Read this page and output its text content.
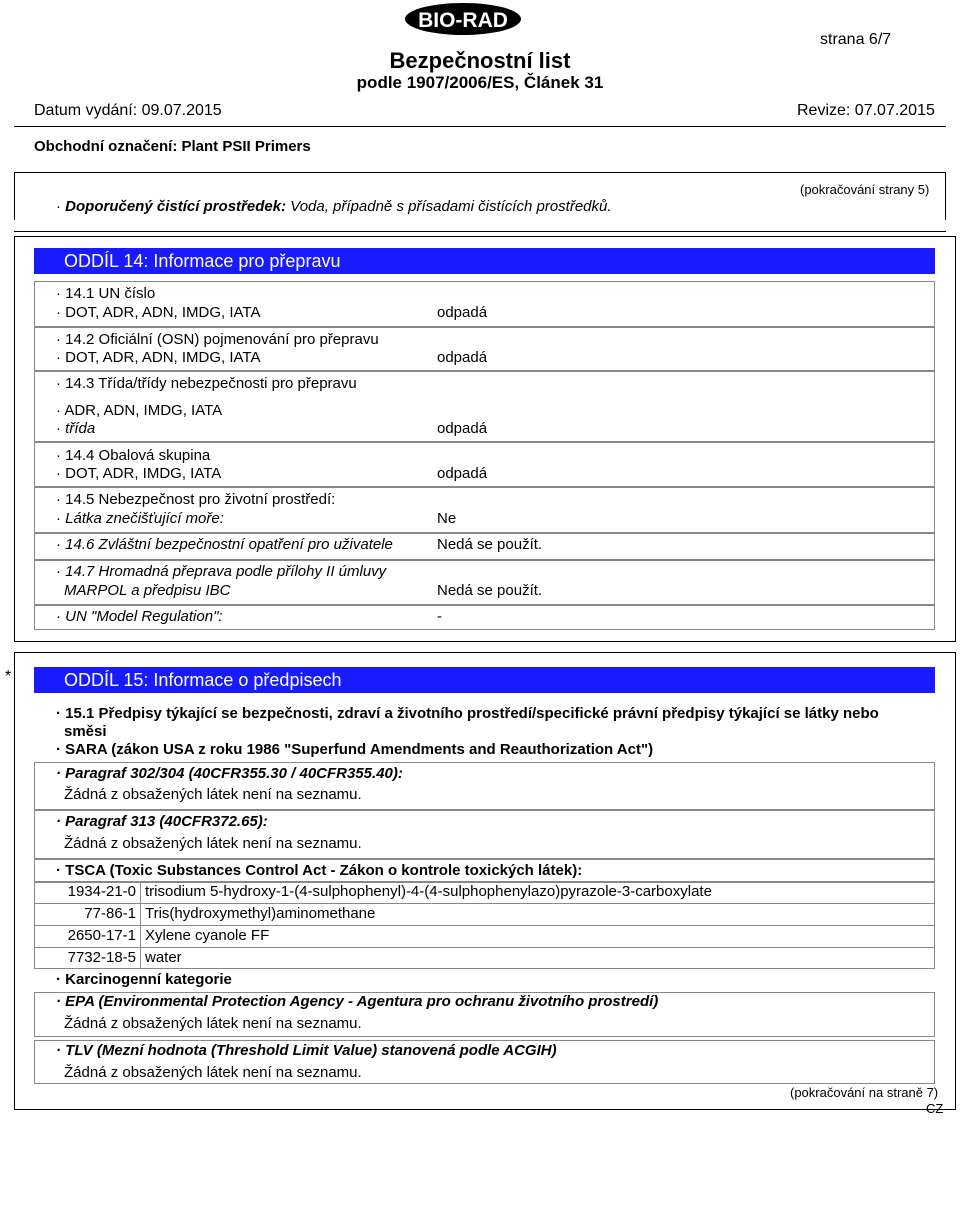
BIO-RAD
Bezpečnostní list
podle 1907/2006/ES, Článek 31
strana 6/7
Datum vydání: 09.07.2015	Revize: 07.07.2015
Obchodní označení: Plant PSII Primers
(pokračování strany 5)
· Doporučený čistící prostředek: Voda, případně s přísadami čistících prostředků.
ODDÍL 14: Informace pro přepravu
· 14.1 UN číslo
· DOT, ADR, ADN, IMDG, IATA	odpadá
· 14.2 Oficiální (OSN) pojmenování pro přepravu
· DOT, ADR, ADN, IMDG, IATA	odpadá
· 14.3 Třída/třídy nebezpečnosti pro přepravu
· ADR, ADN, IMDG, IATA
· třída	odpadá
· 14.4 Obalová skupina
· DOT, ADR, IMDG, IATA	odpadá
· 14.5 Nebezpečnost pro životní prostředí:
· Látka znečišťující moře:	Ne
· 14.6 Zvláštní bezpečnostní opatření pro uživatele	Nedá se použít.
· 14.7 Hromadná přeprava podle přílohy II úmluvy
MARPOL a předpisu IBC	Nedá se použít.
· UN "Model Regulation":	-
*	ODDÍL 15: Informace o předpisech
· 15.1 Předpisy týkající se bezpečnosti, zdraví a životního prostředí/specifické právní předpisy týkající se látky nebo
směsi
· SARA (zákon USA z roku 1986 "Superfund Amendments and Reauthorization Act")
· Paragraf 302/304 (40CFR355.30 / 40CFR355.40):
Žádná z obsažených látek není na seznamu.
· Paragraf 313 (40CFR372.65):
Žádná z obsažených látek není na seznamu.
· TSCA (Toxic Substances Control Act - Zákon o kontrole toxických látek):
1934-21-0 trisodium 5-hydroxy-1-(4-sulphophenyl)-4-(4-sulphophenylazo)pyrazole-3-carboxylate
77-86-1 Tris(hydroxymethyl)aminomethane
2650-17-1 Xylene cyanole FF
7732-18-5 water
· Karcinogenní kategorie
· EPA (Environmental Protection Agency - Agentura pro ochranu životního prostredí)
Žádná z obsažených látek není na seznamu.
· TLV (Mezní hodnota (Threshold Limit Value) stanovená podle ACGIH)
Žádná z obsažených látek není na seznamu.
(pokračování na straně 7)
CZ
